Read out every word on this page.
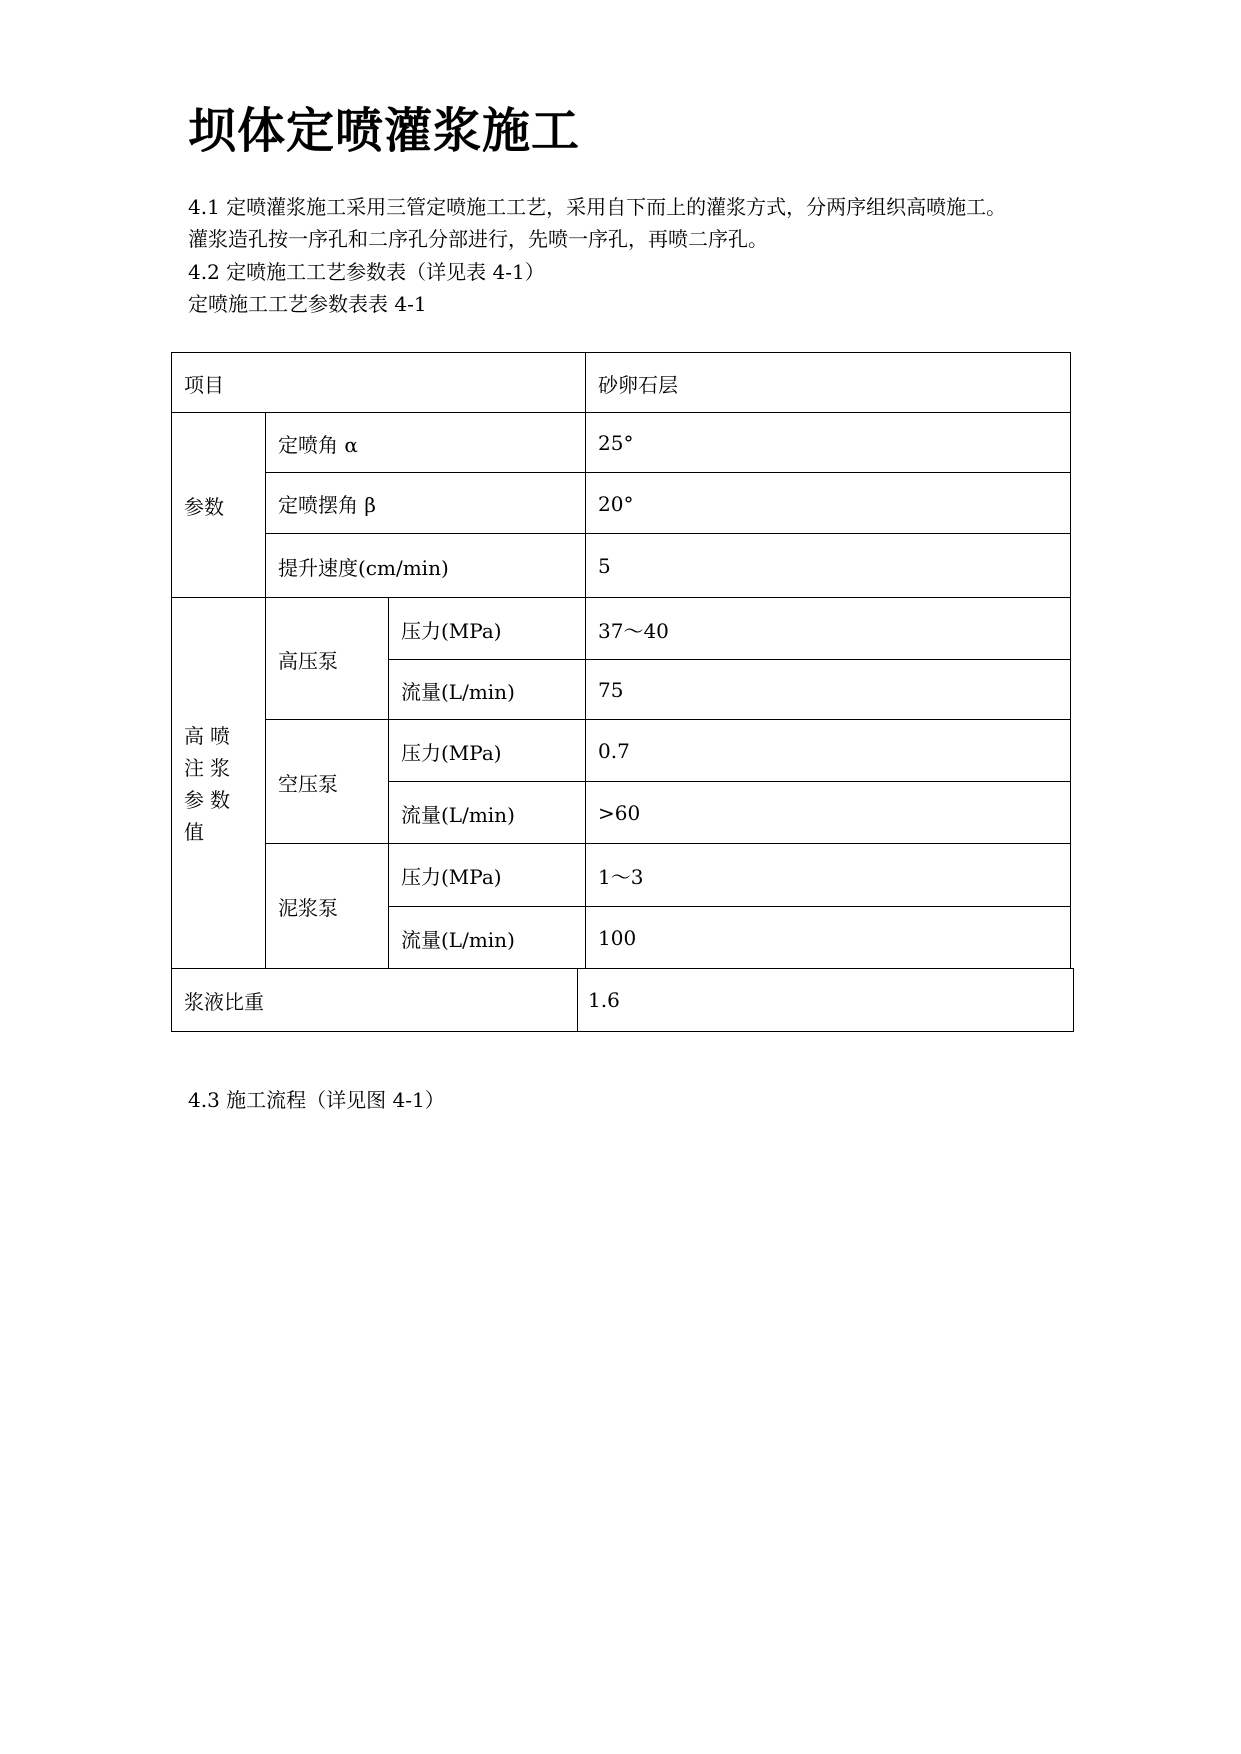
坝体定喷灌浆施工
4.1 定喷灌浆施工采用三管定喷施工工艺，采用自下而上的灌浆方式，分两序组织高喷施工。
灌浆造孔按一序孔和二序孔分部进行，先喷一序孔，再喷二序孔。
4.2 定喷施工工艺参数表（详见表 4-1）
定喷施工工艺参数表表 4-1
项目	砂卵石层
参数
定喷角 α	25°
定喷摆角 β	20°
提升速度(cm/min)	5
高喷注浆参数值
高压泵
压力(MPa)	37～40
流量(L/min)	75
空压泵
压力(MPa)	0.7
流量(L/min)	>60
泥浆泵
压力(MPa)	1～3
流量(L/min)	100
浆液比重	1.6
4.3 施工流程（详见图 4-1）
